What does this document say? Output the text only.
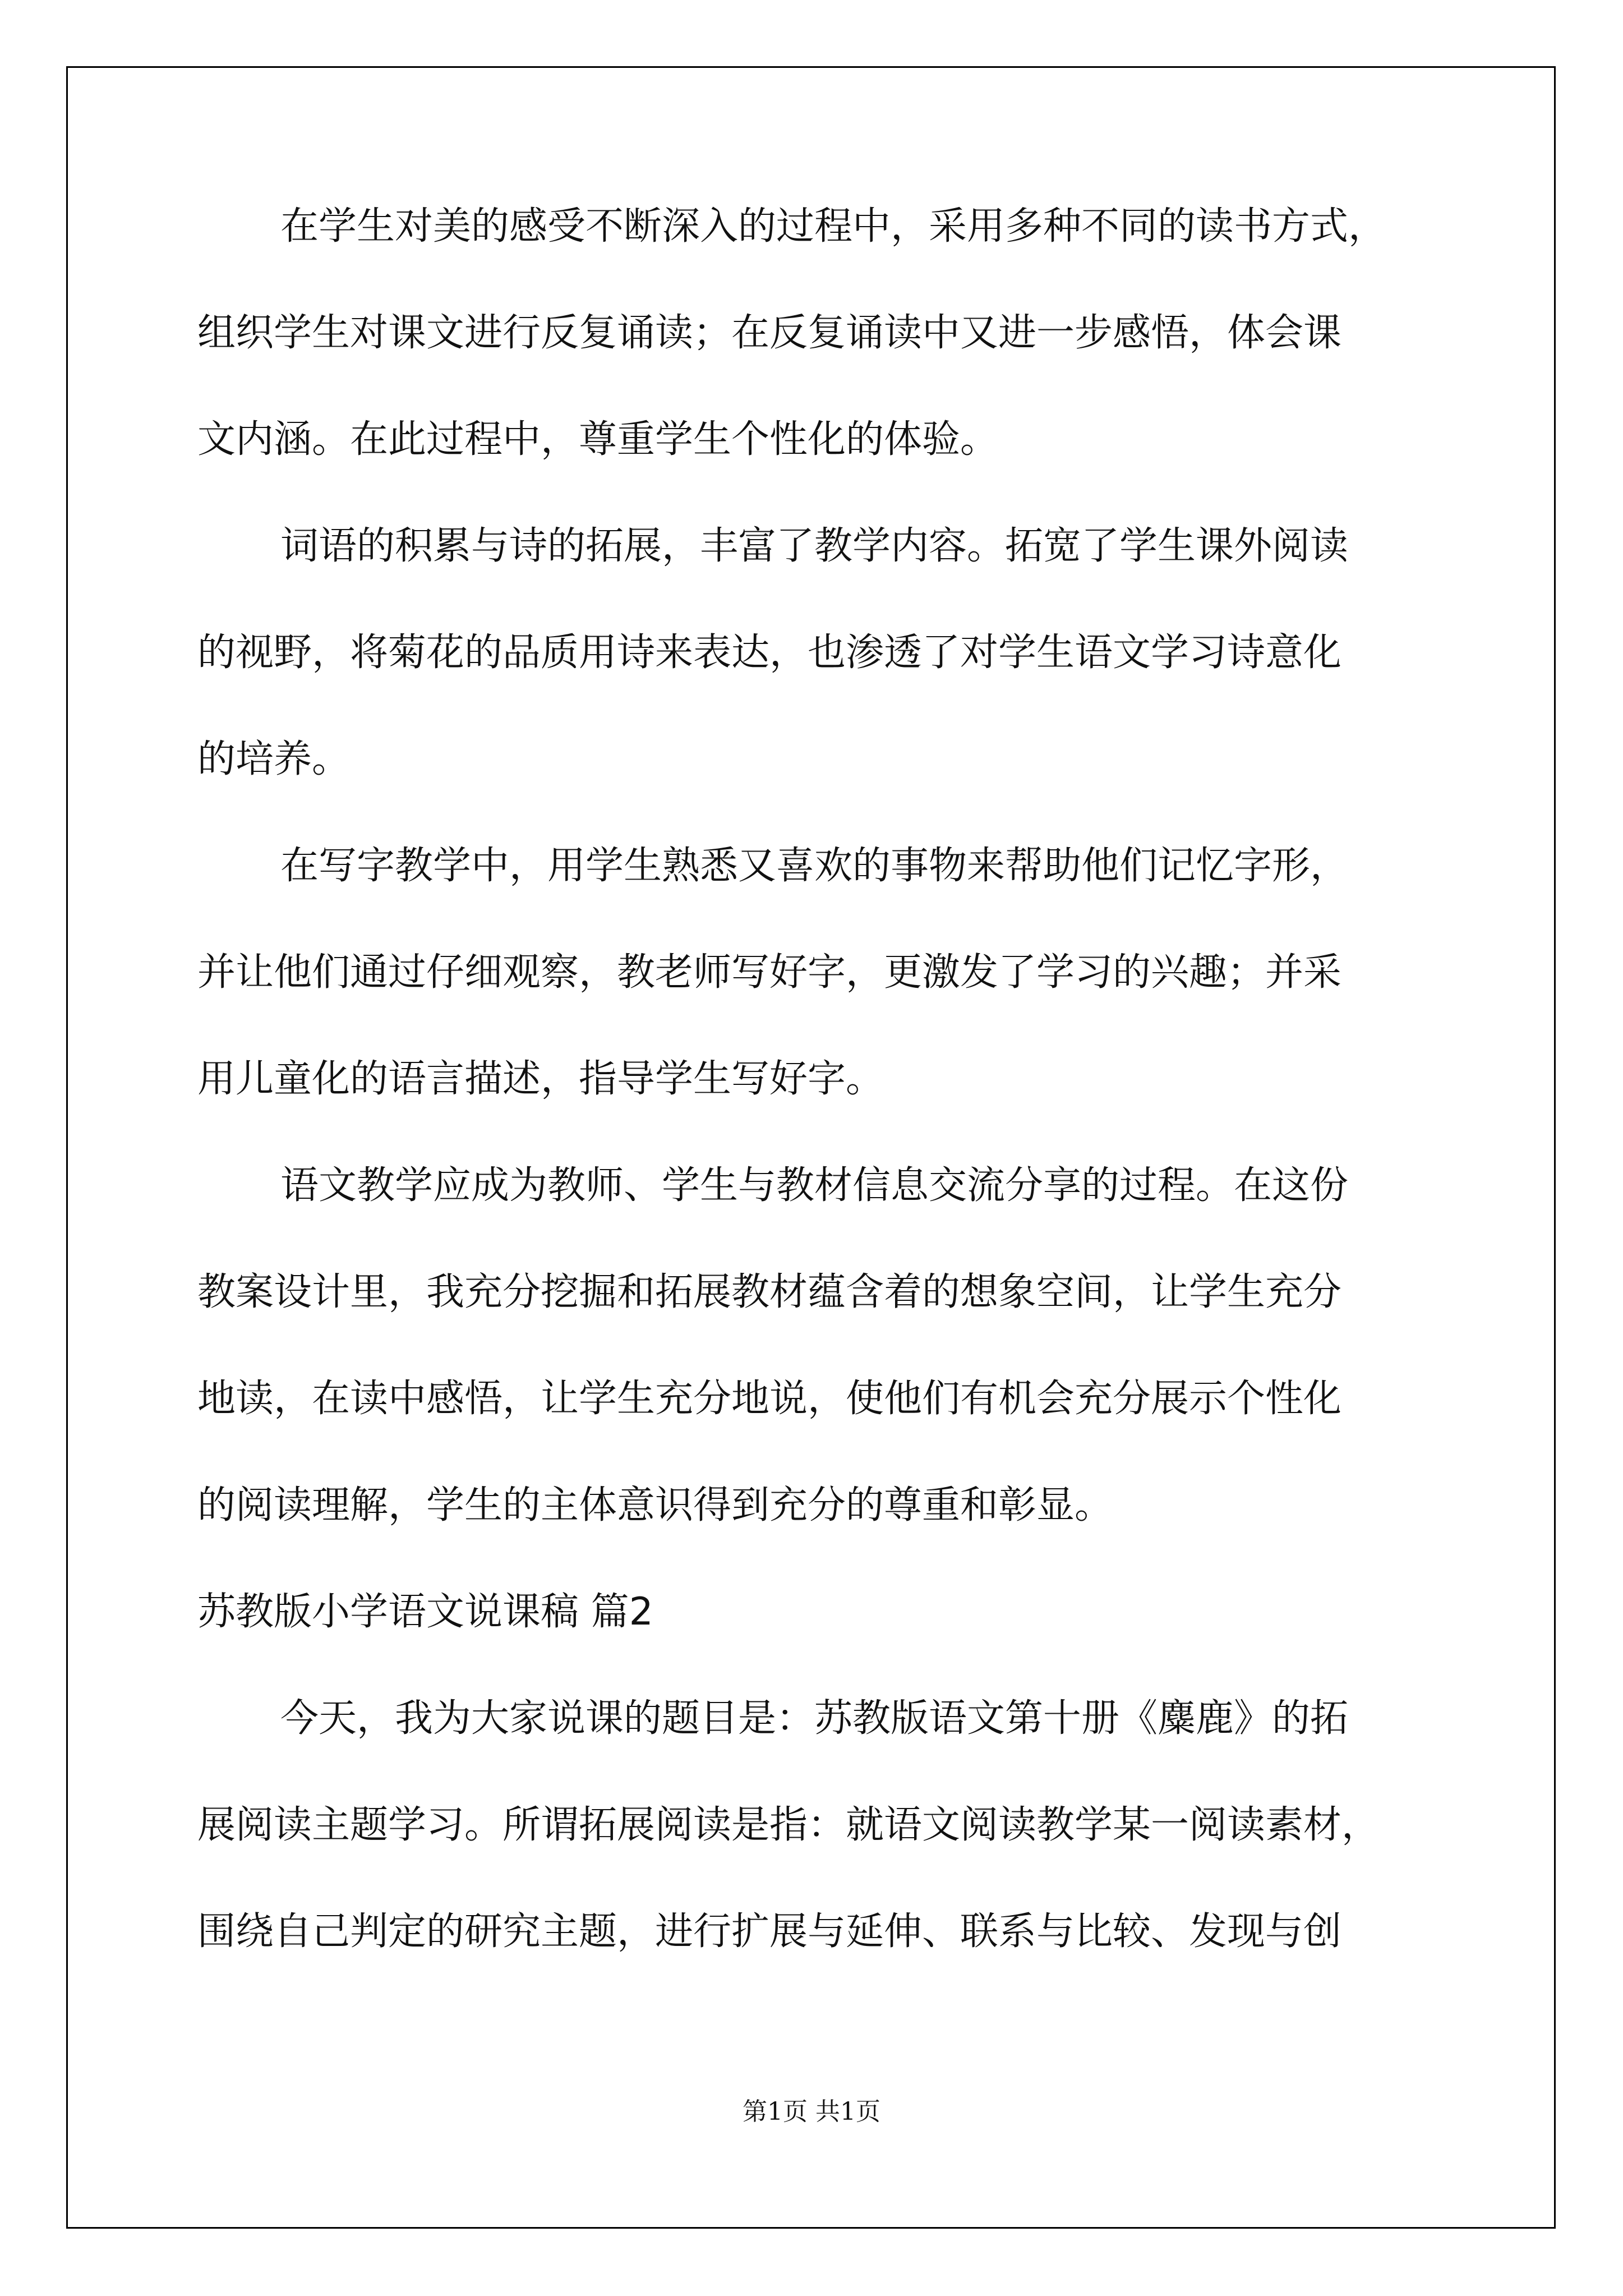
在学生对美的感受不断深入的过程中，采用多种不同的读书方式，
组织学生对课文进行反复诵读；在反复诵读中又进一步感悟，体会课
文内涵。在此过程中，尊重学生个性化的体验。
词语的积累与诗的拓展，丰富了教学内容。拓宽了学生课外阅读
的视野，将菊花的品质用诗来表达，也渗透了对学生语文学习诗意化
的培养。
在写字教学中，用学生熟悉又喜欢的事物来帮助他们记忆字形，
并让他们通过仔细观察，教老师写好字，更激发了学习的兴趣；并采
用儿童化的语言描述，指导学生写好字。
语文教学应成为教师、学生与教材信息交流分享的过程。在这份
教案设计里，我充分挖掘和拓展教材蕴含着的想象空间，让学生充分
地读，在读中感悟，让学生充分地说，使他们有机会充分展示个性化
的阅读理解，学生的主体意识得到充分的尊重和彰显。
苏教版小学语文说课稿 篇2
今天，我为大家说课的题目是：苏教版语文第十册《麋鹿》的拓
展阅读主题学习。所谓拓展阅读是指：就语文阅读教学某一阅读素材，
围绕自己判定的研究主题，进行扩展与延伸、联系与比较、发现与创
第1页 共1页
